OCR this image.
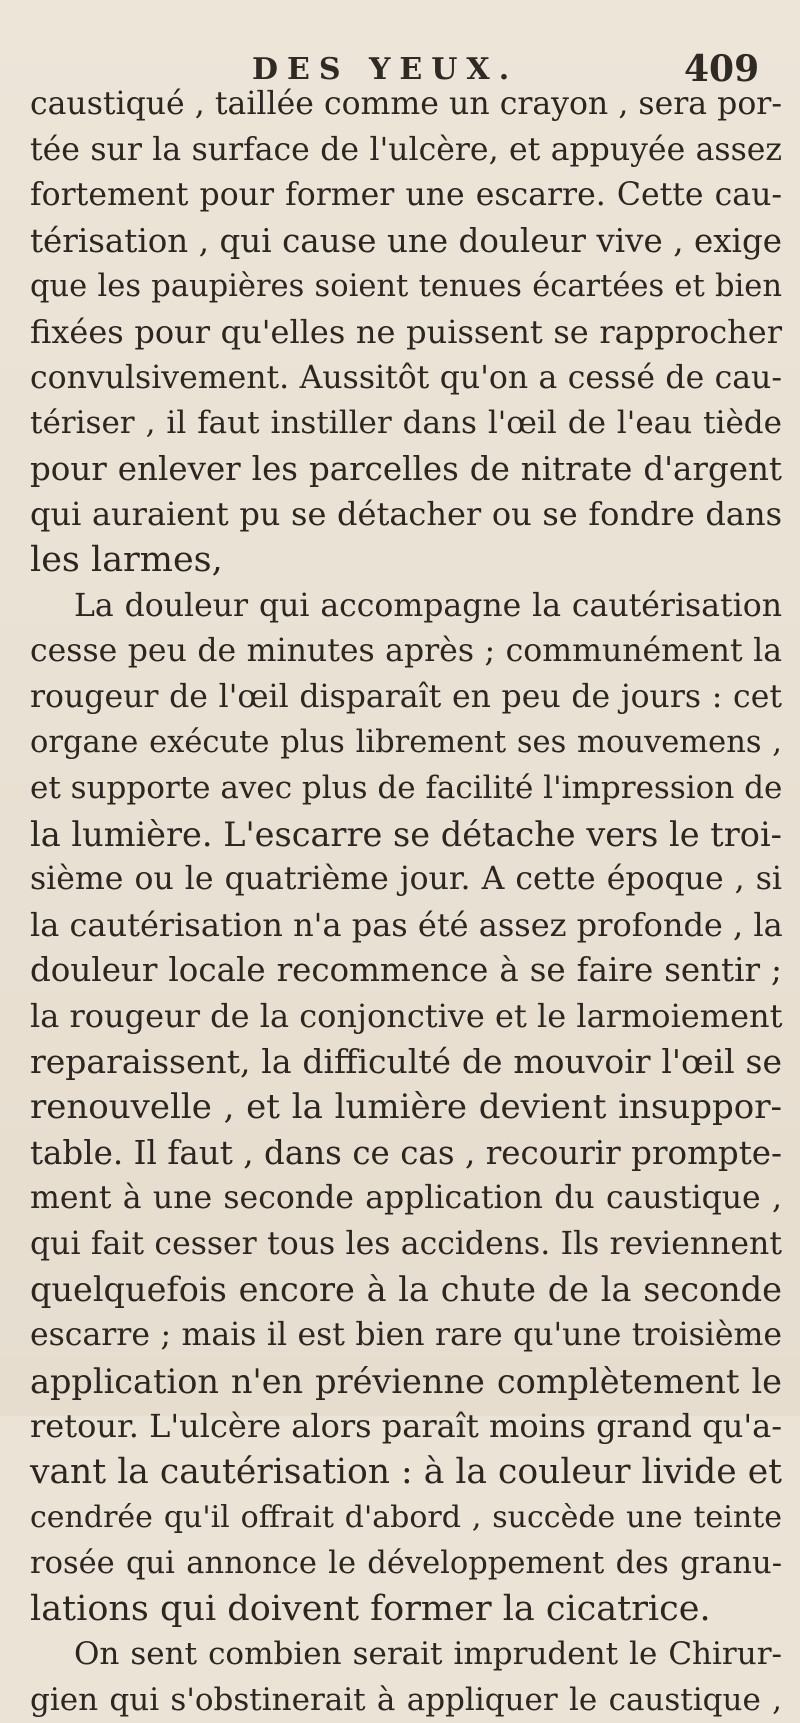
DES YEUX.	409
caustiqué , taillée comme un crayon , sera por-
tée sur la surface de l'ulcère, et appuyée assez
fortement pour former une escarre. Cette cau-
térisation , qui cause une douleur vive , exige
que les paupières soient tenues écartées et bien
fixées pour qu'elles ne puissent se rapprocher
convulsivement. Aussitôt qu'on a cessé de cau-
tériser , il faut instiller dans l'œil de l'eau tiède
pour enlever les parcelles de nitrate d'argent
qui auraient pu se détacher ou se fondre dans
les larmes,
La douleur qui accompagne la cautérisation
cesse peu de minutes après ; communément la
rougeur de l'œil disparaît en peu de jours : cet
organe exécute plus librement ses mouvemens ,
et supporte avec plus de facilité l'impression de
la lumière. L'escarre se détache vers le troi-
sième ou le quatrième jour. A cette époque , si
la cautérisation n'a pas été assez profonde , la
douleur locale recommence à se faire sentir ;
la rougeur de la conjonctive et le larmoiement
reparaissent, la difficulté de mouvoir l'œil se
renouvelle , et la lumière devient insuppor-
table. Il faut , dans ce cas , recourir prompte-
ment à une seconde application du caustique ,
qui fait cesser tous les accidens. Ils reviennent
quelquefois encore à la chute de la seconde
escarre ; mais il est bien rare qu'une troisième
application n'en prévienne complètement le
retour. L'ulcère alors paraît moins grand qu'a-
vant la cautérisation : à la couleur livide et
cendrée qu'il offrait d'abord , succède une teinte
rosée qui annonce le développement des granu-
lations qui doivent former la cicatrice.
On sent combien serait imprudent le Chirur-
gien qui s'obstinerait à appliquer le caustique ,
